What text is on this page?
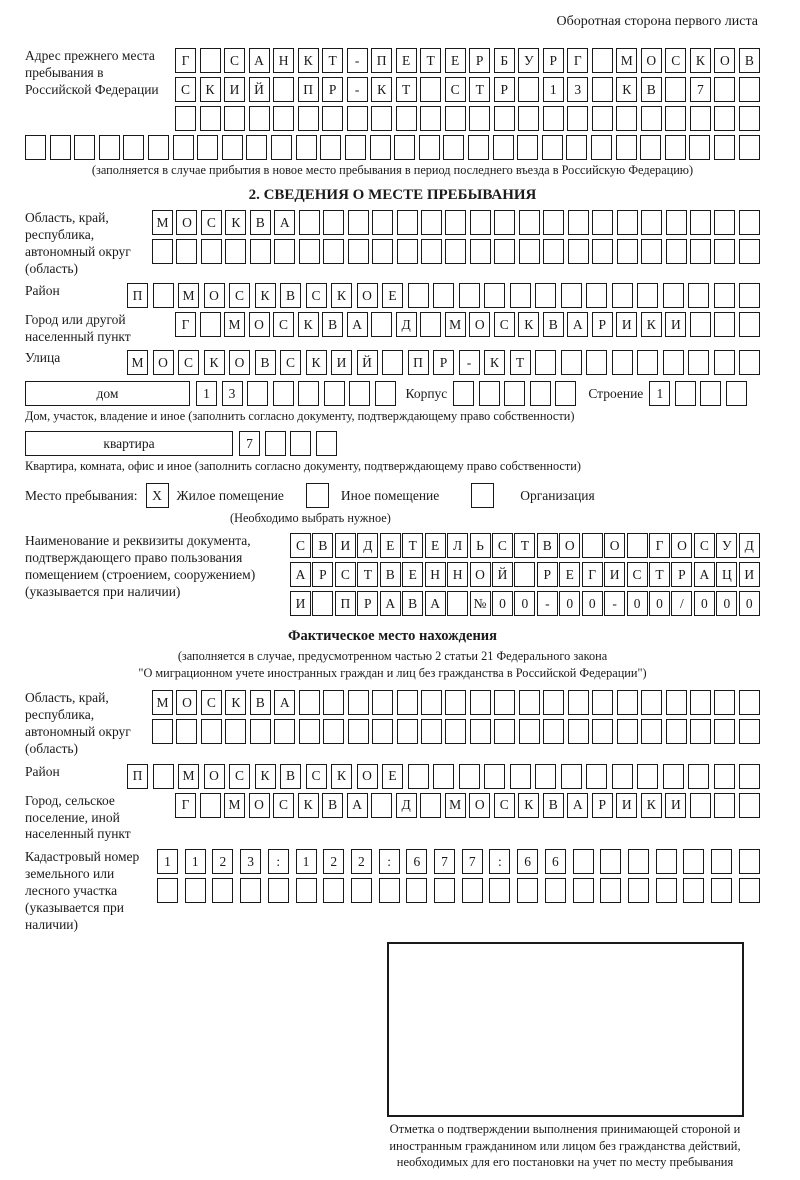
Оборотная сторона первого листа
Адрес прежнего места пребывания в Российской Федерации
Г	С	А	Н	К	Т	-	П	Е	Т	Е	Р	Б	У	Р	Г	М	О	С	К	О	В
С	К	И	Й	П	Р	-	К	Т	С	Т	Р	1	3	К	В	7
(заполняется в случае прибытия в новое место пребывания в период последнего въезда в Российскую Федерацию)
2. СВЕДЕНИЯ О МЕСТЕ ПРЕБЫВАНИЯ
Область, край, республика, автономный округ (область)
М	О	С	К	В	А
Район	П	М	О	С	К	В	С	К	О	Е
Город или другой населенный пункт
Г	М	О	С	К	В	А	Д	М	О	С	К	В	А	Р	И	К	И
Улица	М	О	С	К	О	В	С	К	И	Й	П	Р	-	К	Т
дом	1	3	Корпус	Строение 1
Дом, участок, владение и иное (заполнить согласно документу, подтверждающему право собственности)
квартира	7
Квартира, комната, офис и иное (заполнить согласно документу, подтверждающему право собственности)
Место пребывания:	X	Жилое помещение	Иное помещение	Организация
(Необходимо выбрать нужное)
Наименование и реквизиты документа, подтверждающего право пользования помещением (строением, сооружением) (указывается при наличии)
С В И Д	Е	Т	Е	Л	Ь	С	Т	В О	О	Г	О С У Д
А	Р	С	Т	В	Е Н Н О Й	Р	Е	Г	И С	Т	Р	А Ц И
И	П	Р	А В А	№ 0	0	-	0	0	-	0	0	/	0	0	0
Фактическое место нахождения
(заполняется в случае, предусмотренном частью 2 статьи 21 Федерального закона
"О миграционном учете иностранных граждан и лиц без гражданства в Российской Федерации")
Область, край, республика, автономный округ (область)
М	О	С	К	В	А
Район	П	М	О	С	К	В	С	К	О	Е
Город, сельское поселение, иной населенный пункт
Г	М	О	С	К	В	А	Д	М	О	С	К	В	А	Р	И	К	И
Кадастровый номер земельного или лесного участка (указывается при наличии)
1	1	2	3	:	1	2	2	:	6	7	7	:	6	6
Отметка о подтверждении выполнения принимающей стороной и иностранным гражданином или лицом без гражданства действий, необходимых для его постановки на учет по месту пребывания
